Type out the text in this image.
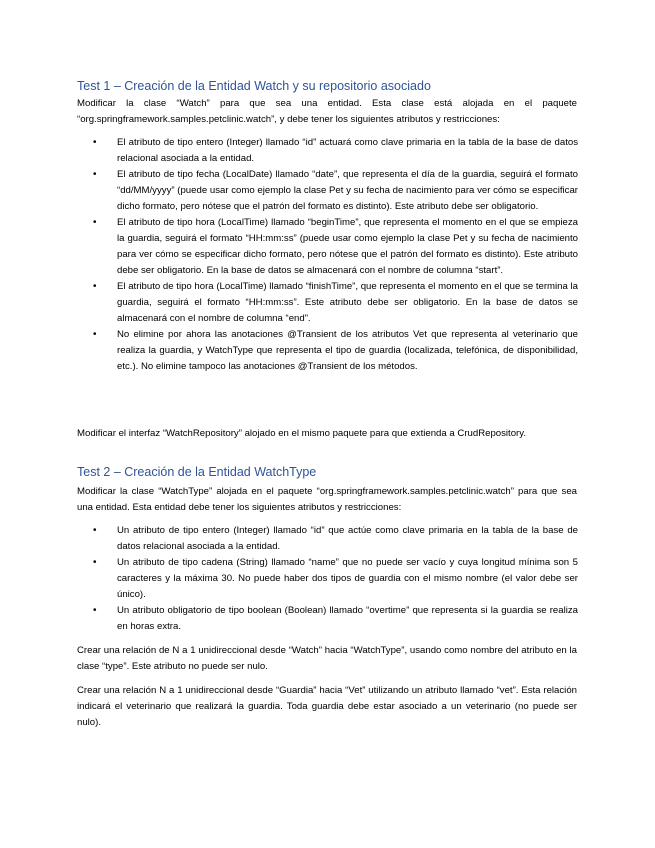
Test 1 – Creación de la Entidad Watch y su repositorio asociado

Modificar la clase “Watch” para que sea una entidad. Esta clase está alojada en el paquete “org.springframework.samples.petclinic.watch”, y debe tener los siguientes atributos y restricciones:

• El atributo de tipo entero (Integer) llamado “id” actuará como clave primaria en la tabla de la base de datos relacional asociada a la entidad.
• El atributo de tipo fecha (LocalDate) llamado “date”, que representa el día de la guardia, seguirá el formato “dd/MM/yyyy” (puede usar como ejemplo la clase Pet y su fecha de nacimiento para ver cómo se especificar dicho formato, pero nótese que el patrón del formato es distinto). Este atributo debe ser obligatorio.
• El atributo de tipo hora (LocalTime) llamado “beginTime”, que representa el momento en el que se empieza la guardia, seguirá el formato “HH:mm:ss” (puede usar como ejemplo la clase Pet y su fecha de nacimiento para ver cómo se especificar dicho formato, pero nótese que el patrón del formato es distinto). Este atributo debe ser obligatorio. En la base de datos se almacenará con el nombre de columna “start”.
• El atributo de tipo hora (LocalTime) llamado “finishTime”, que representa el momento en el que se termina la guardia, seguirá el formato “HH:mm:ss”. Este atributo debe ser obligatorio. En la base de datos se almacenará con el nombre de columna “end”.
• No elimine por ahora las anotaciones @Transient de los atributos Vet que representa al veterinario que realiza la guardia, y WatchType que representa el tipo de guardia (localizada, telefónica, de disponibilidad, etc.). No elimine tampoco las anotaciones @Transient de los métodos.

Modificar el interfaz “WatchRepository” alojado en el mismo paquete para que extienda a CrudRepository.

Test 2 – Creación de la Entidad WatchType

Modificar la clase “WatchType” alojada en el paquete “org.springframework.samples.petclinic.watch” para que sea una entidad. Esta entidad debe tener los siguientes atributos y restricciones:

• Un atributo de tipo entero (Integer) llamado “id” que actúe como clave primaria en la tabla de la base de datos relacional asociada a la entidad.
• Un atributo de tipo cadena (String) llamado “name” que no puede ser vacío y cuya longitud mínima son 5 caracteres y la máxima 30. No puede haber dos tipos de guardia con el mismo nombre (el valor debe ser único).
• Un atributo obligatorio de tipo boolean (Boolean) llamado “overtime” que representa si la guardia se realiza en horas extra.

Crear una relación de N a 1 unidireccional desde “Watch” hacia “WatchType”, usando como nombre del atributo en la clase “type”. Este atributo no puede ser nulo.

Crear una relación N a 1 unidireccional desde “Guardia” hacia “Vet” utilizando un atributo llamado “vet”. Esta relación indicará el veterinario que realizará la guardia. Toda guardia debe estar asociado a un veterinario (no puede ser nulo).
